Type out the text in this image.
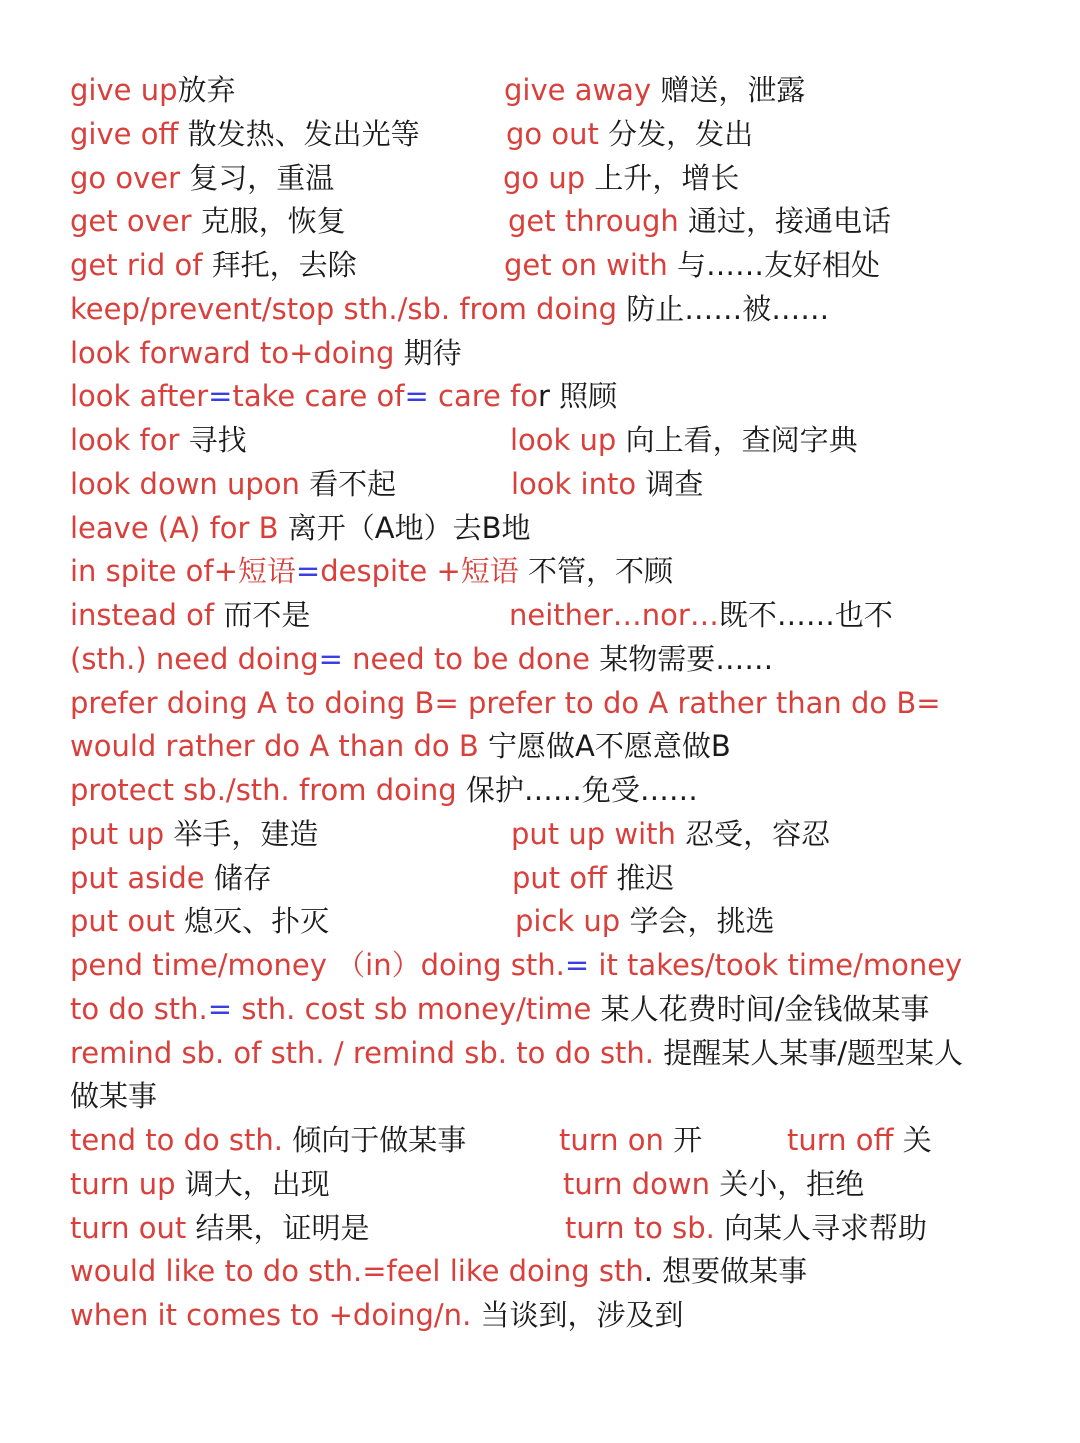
give up放弃	give away 赠送，泄露
give off 散发热、发出光等	go out 分发，发出
go over 复习，重温	go up 上升，增长
get over 克服，恢复	get through 通过，接通电话
get rid of 拜托，去除	get on with 与……友好相处
keep/prevent/stop sth./sb. from doing 防止……被……
look forward to+doing 期待
look after=take care of= care for 照顾
look for 寻找	look up 向上看，查阅字典
look down upon 看不起	look into 调查
leave (A) for B 离开（A地）去B地
in spite of+短语=despite +短语 不管，不顾
instead of 而不是	neither…nor…既不……也不
(sth.) need doing= need to be done 某物需要……
prefer doing A to doing B= prefer to do A rather than do B=
would rather do A than do B 宁愿做A不愿意做B
protect sb./sth. from doing 保护……免受……
put up 举手，建造	put up with 忍受，容忍
put aside 储存	put off 推迟
put out 熄灭、扑灭	pick up 学会，挑选
pend time/money （in）doing sth.= it takes/took time/money
to do sth.= sth. cost sb money/time 某人花费时间/金钱做某事
remind sb. of sth. / remind sb. to do sth. 提醒某人某事/题型某人
做某事
tend to do sth. 倾向于做某事	turn on 开	turn off 关
turn up 调大，出现	turn down 关小，拒绝
turn out 结果，证明是	turn to sb. 向某人寻求帮助
would like to do sth.=feel like doing sth. 想要做某事
when it comes to +doing/n. 当谈到，涉及到
